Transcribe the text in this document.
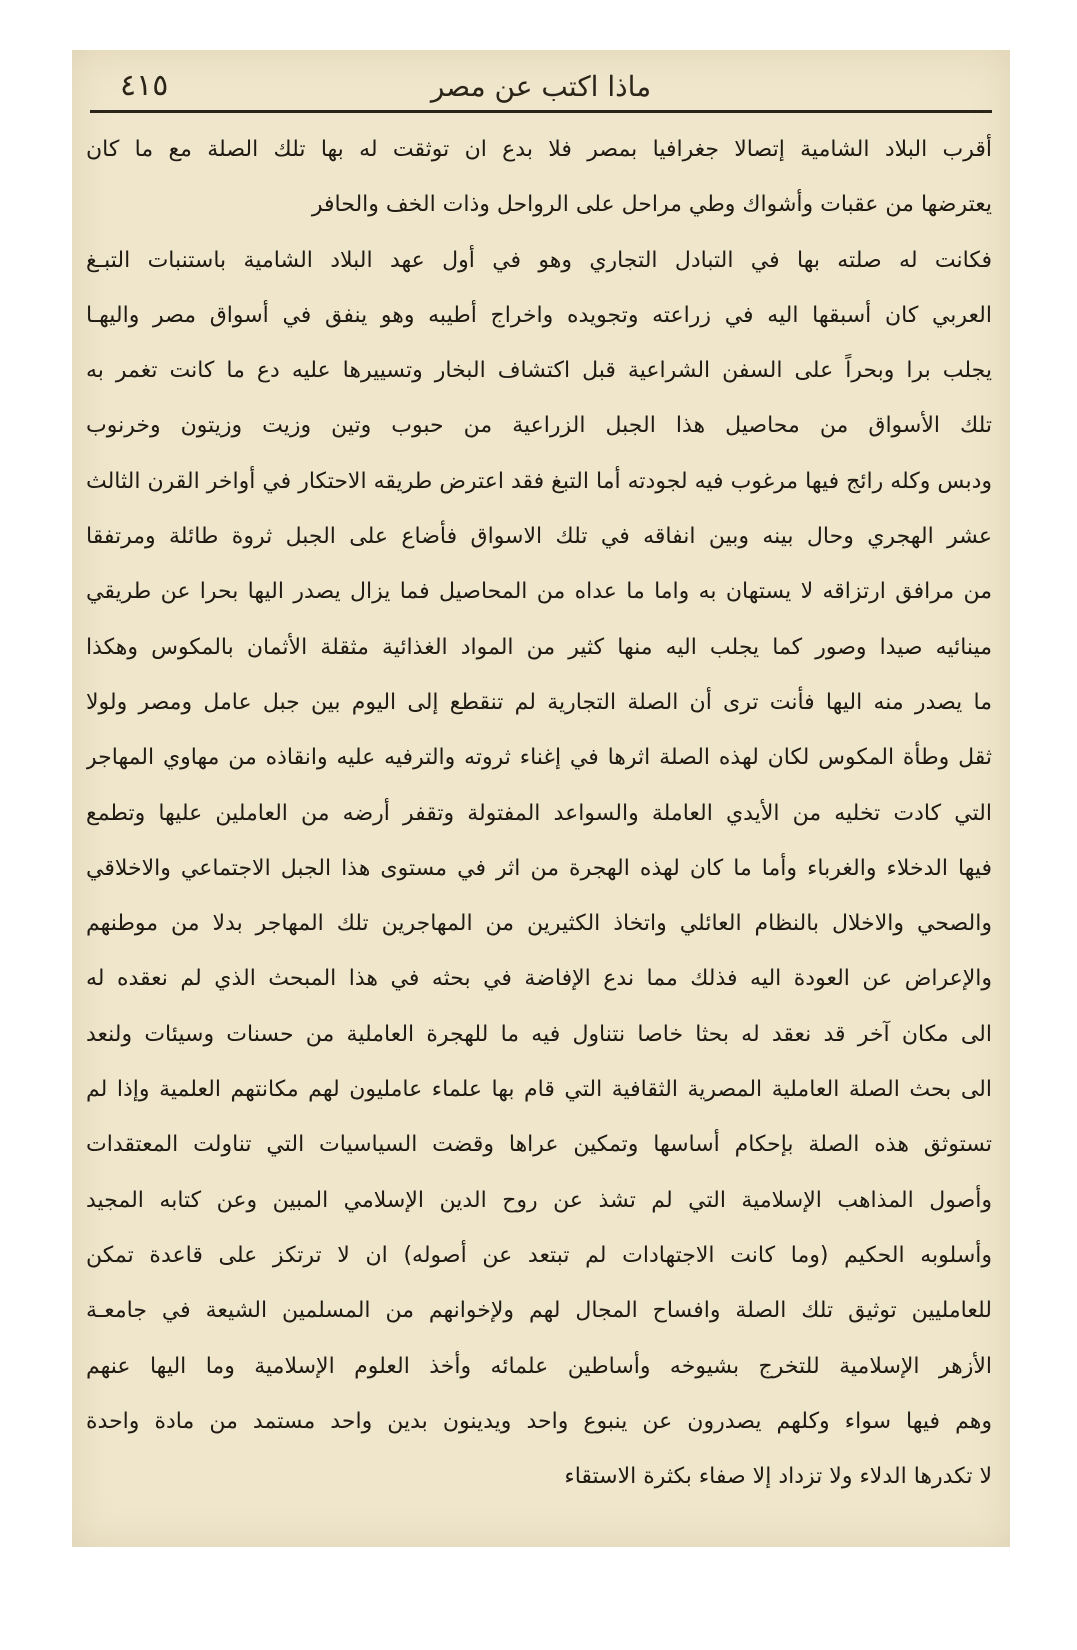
٤١٥	ماذا اكتب عن مصر
أقرب البلاد الشامية إتصالا جغرافيا بمصر فلا بدع ان توثقت له بها تلك الصلة مع ما كان
يعترضها من عقبات وأشواك وطي مراحل على الرواحل وذات الخف والحافر
فكانت له صلته بها في التبادل التجاري وهو في أول عهد البلاد الشامية باستنبات التبـغ
العربي كان أسبقها اليه في زراعته وتجويده واخراج أطيبه وهو ينفق في أسواق مصر واليهـا
يجلب برا وبحراً على السفن الشراعية قبل اكتشاف البخار وتسييرها عليه دع ما كانت تغمر به
تلك الأسواق من محاصيل هذا الجبل الزراعية من حبوب وتين وزيت وزيتون وخرنوب
ودبس وكله رائج فيها مرغوب فيه لجودته أما التبغ فقد اعترض طريقه الاحتكار في أواخر القرن الثالث
عشر الهجري وحال بينه وبين انفاقه في تلك الاسواق فأضاع على الجبل ثروة طائلة ومرتفقا
من مرافق ارتزاقه لا يستهان به واما ما عداه من المحاصيل فما يزال يصدر اليها بحرا عن طريقي
مينائيه صيدا وصور كما يجلب اليه منها كثير من المواد الغذائية مثقلة الأثمان بالمكوس وهكذا
ما يصدر منه اليها فأنت ترى أن الصلة التجارية لم تنقطع إلى اليوم بين جبل عامل ومصر ولولا
ثقل وطأة المكوس لكان لهذه الصلة اثرها في إغناء ثروته والترفيه عليه وانقاذه من مهاوي المهاجر
التي كادت تخليه من الأيدي العاملة والسواعد المفتولة وتقفر أرضه من العاملين عليها وتطمع
فيها الدخلاء والغرباء وأما ما كان لهذه الهجرة من اثر في مستوى هذا الجبل الاجتماعي والاخلاقي
والصحي والاخلال بالنظام العائلي واتخاذ الكثيرين من المهاجرين تلك المهاجر بدلا من موطنهم
والإعراض عن العودة اليه فذلك مما ندع الإفاضة في بحثه في هذا المبحث الذي لم نعقده له
الى مكان آخر قد نعقد له بحثا خاصا نتناول فيه ما للهجرة العاملية من حسنات وسيئات ولنعد
الى بحث الصلة العاملية المصرية الثقافية التي قام بها علماء عامليون لهم مكانتهم العلمية وإذا لم
تستوثق هذه الصلة بإحكام أساسها وتمكين عراها وقضت السياسيات التي تناولت المعتقدات
وأصول المذاهب الإسلامية التي لم تشذ عن روح الدين الإسلامي المبين وعن كتابه المجيد
وأسلوبه الحكيم (وما كانت الاجتهادات لم تبتعد عن أصوله) ان لا ترتكز على قاعدة تمكن
للعامليين توثيق تلك الصلة وافساح المجال لهم ولإخوانهم من المسلمين الشيعة في جامعـة
الأزهر الإسلامية للتخرج بشيوخه وأساطين علمائه وأخذ العلوم الإسلامية وما اليها عنهم
وهم فيها سواء وكلهم يصدرون عن ينبوع واحد ويدينون بدين واحد مستمد من مادة واحدة
لا تكدرها الدلاء ولا تزداد إلا صفاء بكثرة الاستقاء
